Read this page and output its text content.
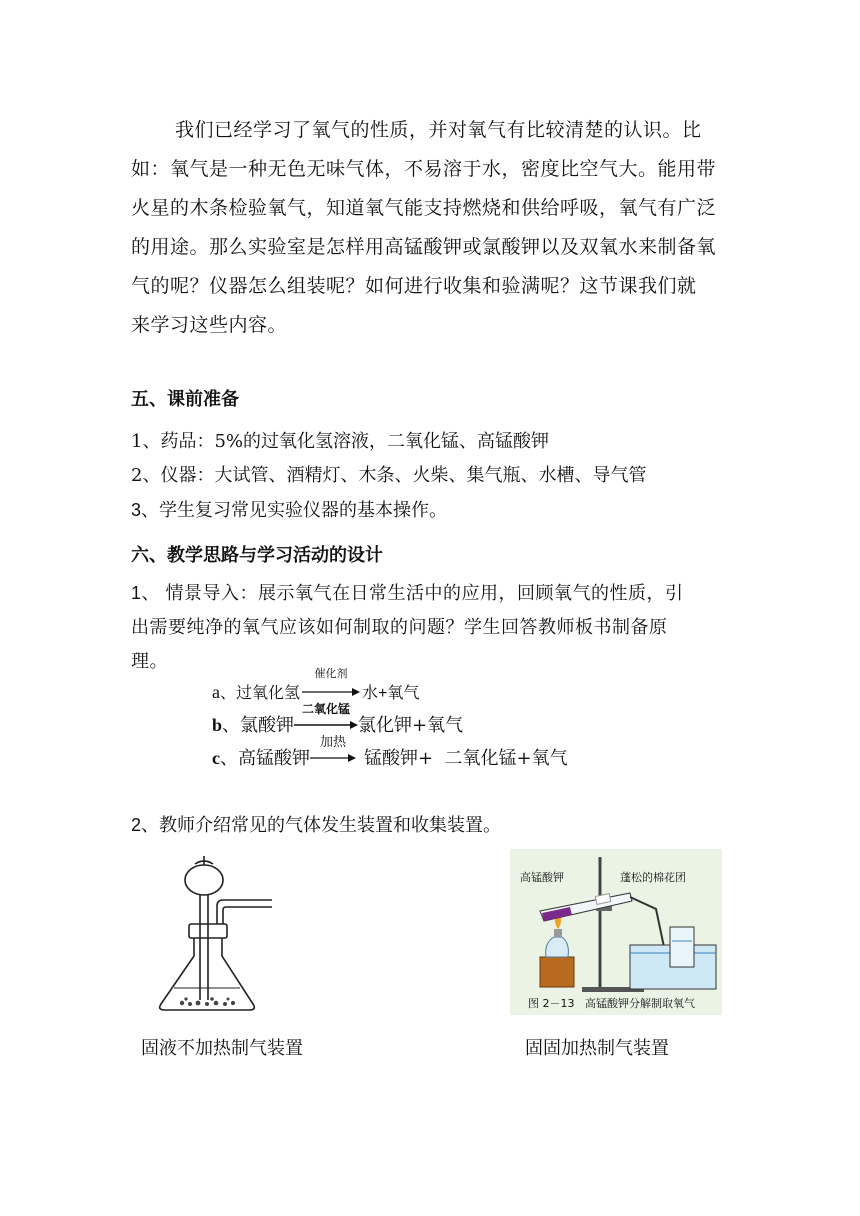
我们已经学习了氧气的性质，并对氧气有比较清楚的认识。比
如：氧气是一种无色无味气体，不易溶于水，密度比空气大。能用带
火星的木条检验氧气，知道氧气能支持燃烧和供给呼吸，氧气有广泛
的用途。那么实验室是怎样用高锰酸钾或氯酸钾以及双氧水来制备氧
气的呢？仪器怎么组装呢？如何进行收集和验满呢？这节课我们就
来学习这些内容。
五、课前准备
1、药品：5%的过氧化氢溶液，二氧化锰、高锰酸钾
2、仪器：大试管、酒精灯、木条、火柴、集气瓶、水槽、导气管
3、学生复习常见实验仪器的基本操作。
六、教学思路与学习活动的设计
1、 情景导入：展示氧气在日常生活中的应用，回顾氧气的性质，引
出需要纯净的氧气应该如何制取的问题？学生回答教师板书制备原
理。
a、过氧化氢
催化剂
水+氧气
b、氯酸钾
二氧化锰
氯化钾+氧气
c、高锰酸钾
加热
锰酸钾+  二氧化锰+氧气
2、教师介绍常见的气体发生装置和收集装置。
固液不加热制气装置
高锰酸钾	蓬松的棉花团
图 2－13   高锰酸钾分解制取氧气
固固加热制气装置
